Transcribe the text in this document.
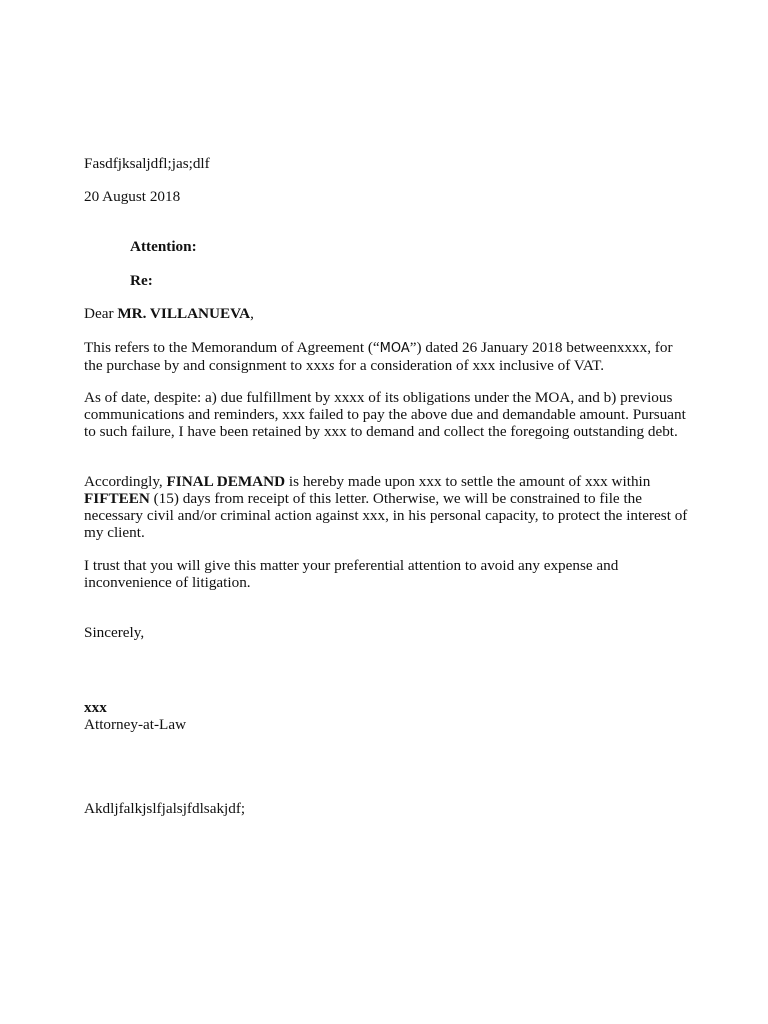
Fasdfjksaljdfl;jas;dlf

20 August 2018

Attention:

Re:

Dear MR. VILLANUEVA,

This refers to the Memorandum of Agreement (“MOA”) dated 26 January 2018 betweenxxxx, for the purchase by and consignment to xxxs for a consideration of xxx inclusive of VAT.

As of date, despite: a) due fulfillment by xxxx of its obligations under the MOA, and b) previous communications and reminders, xxx failed to pay the above due and demandable amount. Pursuant to such failure, I have been retained by xxx to demand and collect the foregoing outstanding debt.

Accordingly, FINAL DEMAND is hereby made upon xxx to settle the amount of xxx within FIFTEEN (15) days from receipt of this letter. Otherwise, we will be constrained to file the necessary civil and/or criminal action against xxx, in his personal capacity, to protect the interest of my client.

I trust that you will give this matter your preferential attention to avoid any expense and inconvenience of litigation.

Sincerely,

xxx

Attorney-at-Law

Akdljfalkjslfjalsjfdlsakjdf;
